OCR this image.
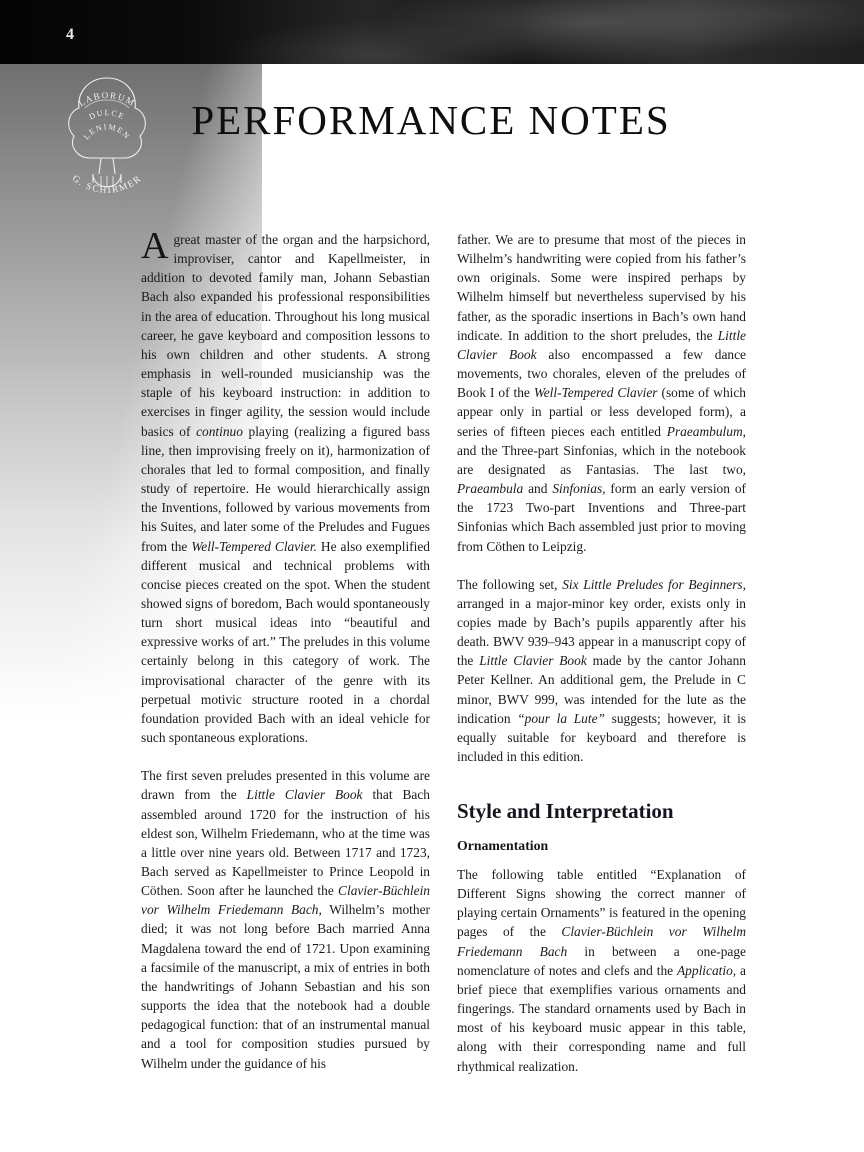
4
LABORUM
DULCE
LENIMEN
G. SCHIRMER
PERFORMANCE NOTES

Agreat master of the organ and the harpsichord, improviser, cantor and Kapellmeister, in addition to devoted family man, Johann Sebastian Bach also expanded his professional responsibilities in the area of education. Throughout his long musical career, he gave keyboard and composition lessons to his own children and other students. A strong emphasis in well-rounded musicianship was the staple of his keyboard instruction: in addition to exercises in finger agility, the session would include basics of continuo playing (realizing a figured bass line, then improvising freely on it), harmonization of chorales that led to formal composition, and finally study of repertoire. He would hierarchically assign the Inventions, followed by various movements from his Suites, and later some of the Preludes and Fugues from the Well-Tempered Clavier. He also exemplified different musical and technical problems with concise pieces created on the spot. When the student showed signs of boredom, Bach would spontaneously turn short musical ideas into “beautiful and expressive works of art.” The preludes in this volume certainly belong in this category of work. The improvisational character of the genre with its perpetual motivic structure rooted in a chordal foundation provided Bach with an ideal vehicle for such spontaneous explorations.

The first seven preludes presented in this volume are drawn from the Little Clavier Book that Bach assembled around 1720 for the instruction of his eldest son, Wilhelm Friedemann, who at the time was a little over nine years old. Between 1717 and 1723, Bach served as Kapellmeister to Prince Leopold in Cöthen. Soon after he launched the Clavier-Büchlein vor Wilhelm Friedemann Bach, Wilhelm’s mother died; it was not long before Bach married Anna Magdalena toward the end of 1721. Upon examining a facsimile of the manuscript, a mix of entries in both the handwritings of Johann Sebastian and his son supports the idea that the notebook had a double pedagogical function: that of an instrumental manual and a tool for composition studies pursued by Wilhelm under the guidance of his

father. We are to presume that most of the pieces in Wilhelm’s handwriting were copied from his father’s own originals. Some were inspired perhaps by Wilhelm himself but nevertheless supervised by his father, as the sporadic insertions in Bach’s own hand indicate. In addition to the short preludes, the Little Clavier Book also encompassed a few dance movements, two chorales, eleven of the preludes of Book I of the Well-Tempered Clavier (some of which appear only in partial or less developed form), a series of fifteen pieces each entitled Praeambulum, and the Three-part Sinfonias, which in the notebook are designated as Fantasias. The last two, Praeambula and Sinfonias, form an early version of the 1723 Two-part Inventions and Three-part Sinfonias which Bach assembled just prior to moving from Cöthen to Leipzig.

The following set, Six Little Preludes for Beginners, arranged in a major-minor key order, exists only in copies made by Bach’s pupils apparently after his death. BWV 939–943 appear in a manuscript copy of the Little Clavier Book made by the cantor Johann Peter Kellner. An additional gem, the Prelude in C minor, BWV 999, was intended for the lute as the indication “pour la Lute” suggests; however, it is equally suitable for keyboard and therefore is included in this edition.

Style and Interpretation
Ornamentation

The following table entitled “Explanation of Different Signs showing the correct manner of playing certain Ornaments” is featured in the opening pages of the Clavier-Büchlein vor Wilhelm Friedemann Bach in between a one-page nomenclature of notes and clefs and the Applicatio, a brief piece that exemplifies various ornaments and fingerings. The standard ornaments used by Bach in most of his keyboard music appear in this table, along with their corresponding name and full rhythmical realization.
